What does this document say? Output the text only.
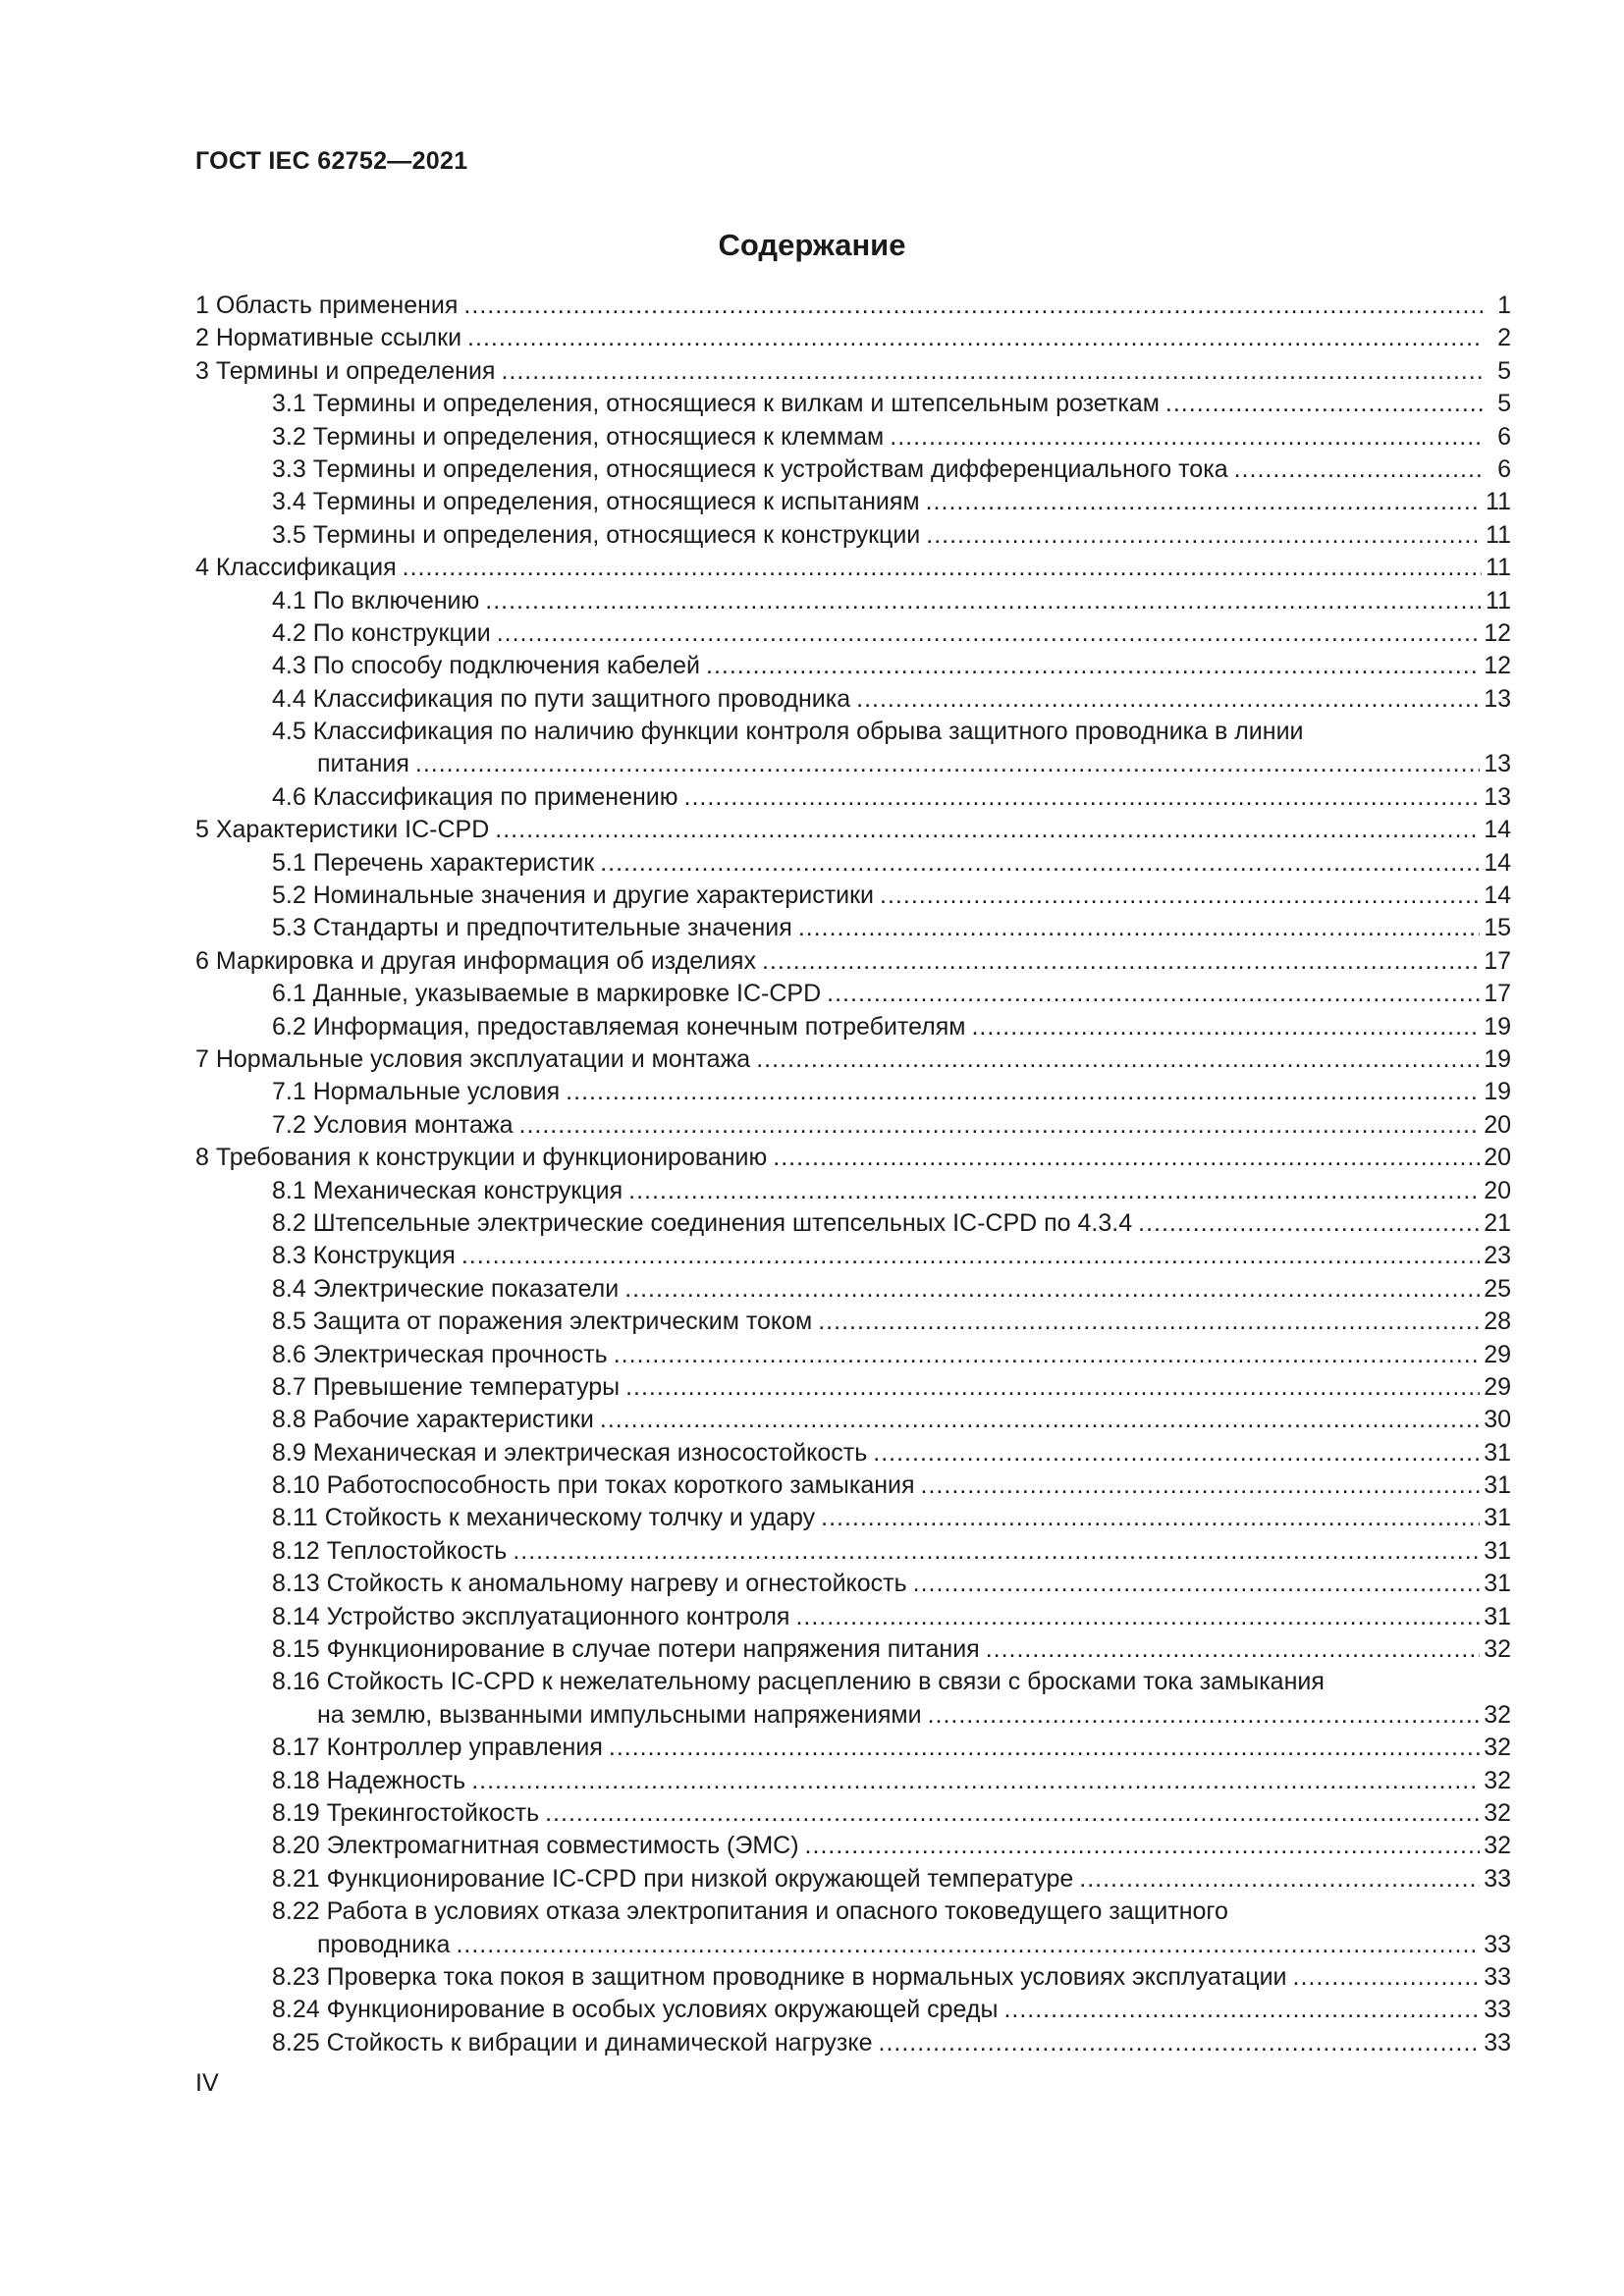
ГОСТ IEC 62752—2021
Содержание
1 Область применения .....	1
2 Нормативные ссылки .....	2
3 Термины и определения .....	5
3.1 Термины и определения, относящиеся к вилкам и штепсельным розеткам .....	5
3.2 Термины и определения, относящиеся к клеммам .....	6
3.3 Термины и определения, относящиеся к устройствам дифференциального тока .....	6
3.4 Термины и определения, относящиеся к испытаниям .....	11
3.5 Термины и определения, относящиеся к конструкции .....	11
4 Классификация .....	11
4.1 По включению .....	11
4.2 По конструкции .....	12
4.3 По способу подключения кабелей .....	12
4.4 Классификация по пути защитного проводника .....	13
4.5 Классификация по наличию функции контроля обрыва защитного проводника в линии
питания .....	13
4.6 Классификация по применению .....	13
5 Характеристики IC-CPD .....	14
5.1 Перечень характеристик .....	14
5.2 Номинальные значения и другие характеристики .....	14
5.3 Стандарты и предпочтительные значения .....	15
6 Маркировка и другая информация об изделиях .....	17
6.1 Данные, указываемые в маркировке IC-CPD .....	17
6.2 Информация, предоставляемая конечным потребителям .....	19
7 Нормальные условия эксплуатации и монтажа .....	19
7.1 Нормальные условия .....	19
7.2 Условия монтажа .....	20
8 Требования к конструкции и функционированию .....	20
8.1 Механическая конструкция .....	20
8.2 Штепсельные электрические соединения штепсельных IC-CPD по 4.3.4 .....	21
8.3 Конструкция .....	23
8.4 Электрические показатели .....	25
8.5 Защита от поражения электрическим током .....	28
8.6 Электрическая прочность .....	29
8.7 Превышение температуры .....	29
8.8 Рабочие характеристики .....	30
8.9 Механическая и электрическая износостойкость .....	31
8.10 Работоспособность при токах короткого замыкания .....	31
8.11 Стойкость к механическому толчку и удару .....	31
8.12 Теплостойкость .....	31
8.13 Стойкость к аномальному нагреву и огнестойкость .....	31
8.14 Устройство эксплуатационного контроля .....	31
8.15 Функционирование в случае потери напряжения питания .....	32
8.16 Стойкость IC-CPD к нежелательному расцеплению в связи с бросками тока замыкания
на землю, вызванными импульсными напряжениями .....	32
8.17 Контроллер управления .....	32
8.18 Надежность .....	32
8.19 Трекингостойкость .....	32
8.20 Электромагнитная совместимость (ЭМС) .....	32
8.21 Функционирование IC-CPD при низкой окружающей температуре .....	33
8.22 Работа в условиях отказа электропитания и опасного токоведущего защитного
проводника .....	33
8.23 Проверка тока покоя в защитном проводнике в нормальных условиях эксплуатации .....	33
8.24 Функционирование в особых условиях окружающей среды .....	33
8.25 Стойкость к вибрации и динамической нагрузке .....	33
IV
